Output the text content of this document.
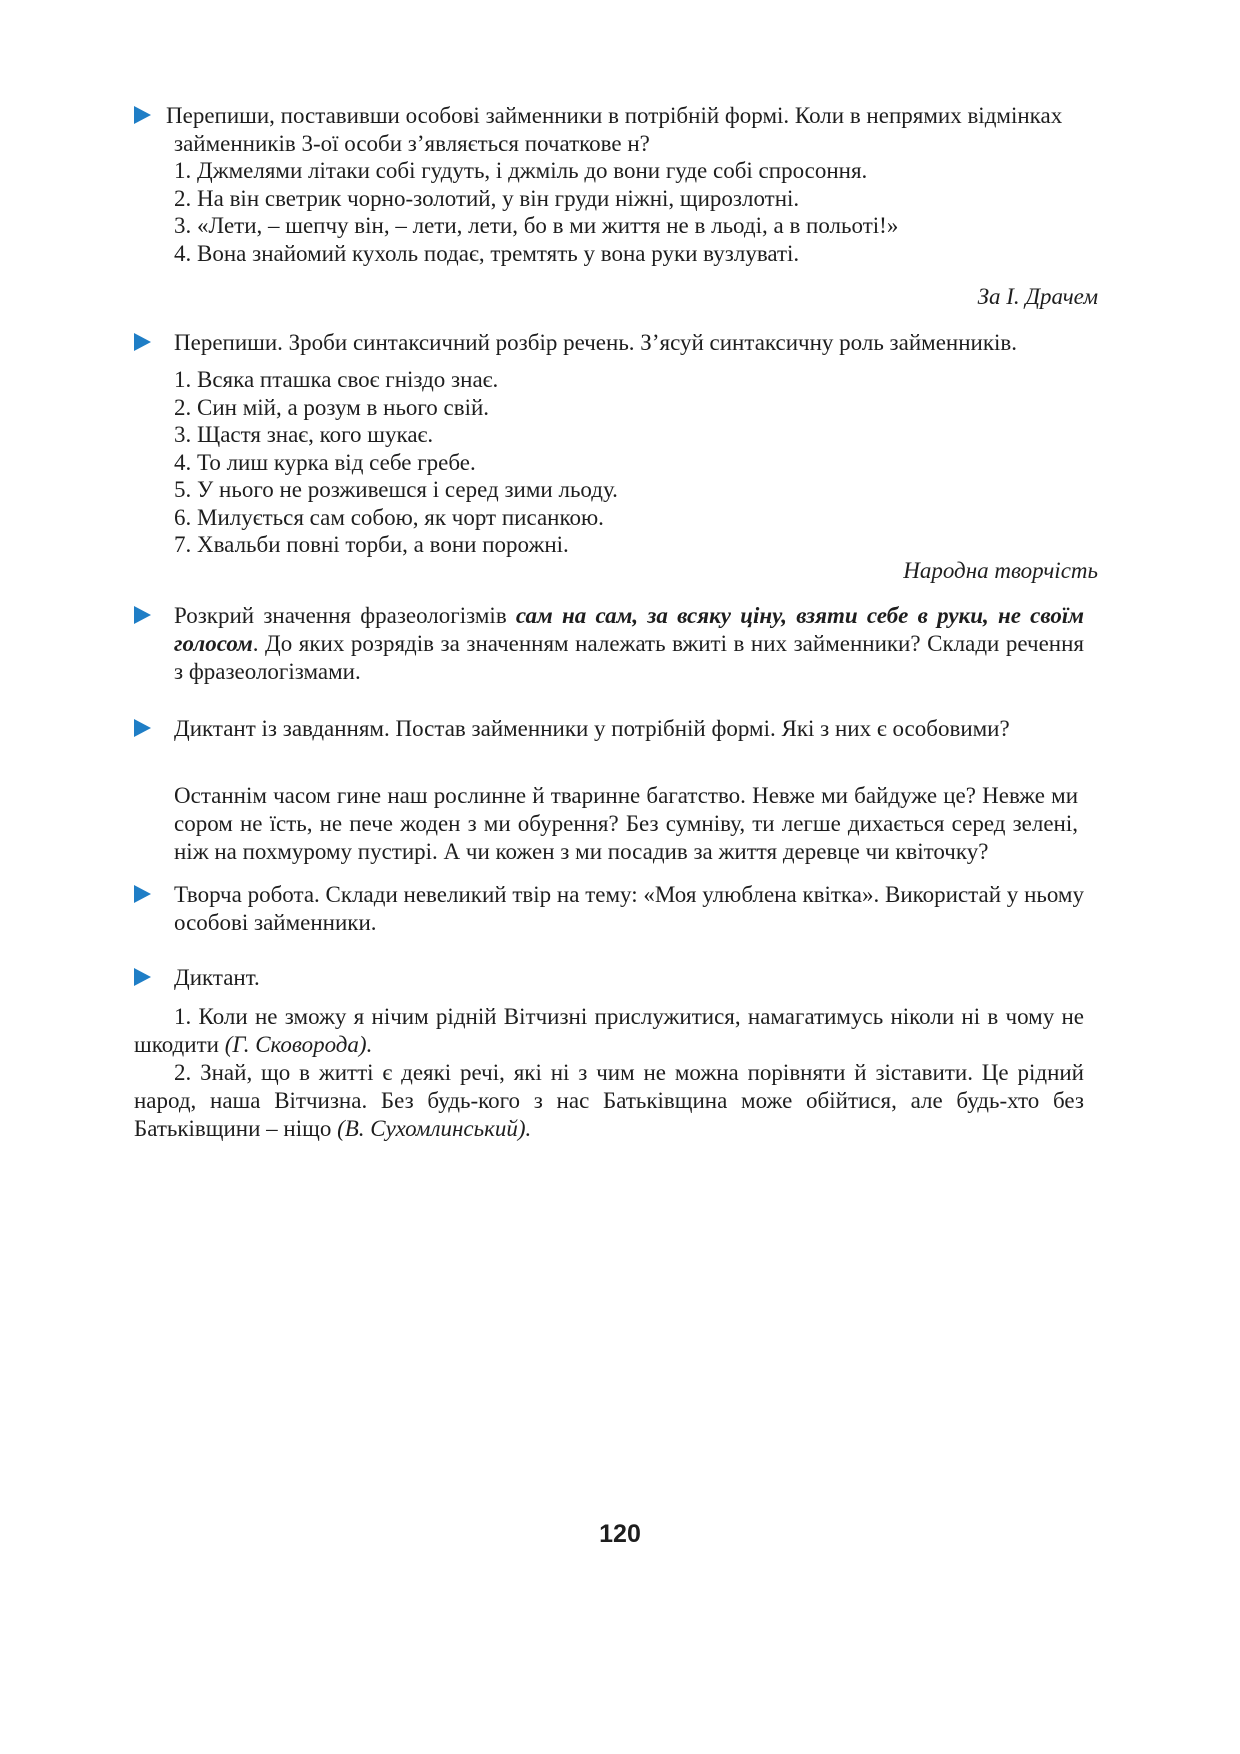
Перепиши, поставивши особові займенники в потрібній формі. Коли в непрямих відмінках
займенників 3-ої особи з’являється початкове н?
1. Джмелями літаки собі гудуть, і джміль до вони гуде собі спросоння.
2. На він светрик чорно-золотий, у він груди ніжні, щирозлотні.
3. «Лети, – шепчу він, – лети, лети, бо в ми життя не в льоді, а в польоті!»
4. Вона знайомий кухоль подає, тремтять у вона руки вузлуваті.
За І. Драчем
Перепиши. Зроби синтаксичний розбір речень. З’ясуй синтаксичну роль займенників.
1. Всяка пташка своє гніздо знає.
2. Син мій, а розум в нього свій.
3. Щастя знає, кого шукає.
4. То лиш курка від себе гребе.
5. У нього не розживешся і серед зими льоду.
6. Милується сам собою, як чорт писанкою.
7. Хвальби повні торби, а вони порожні.
Народна творчість
Розкрий значення фразеологізмів сам на сам, за всяку ціну, взяти себе в руки, не своїм голосом. До яких розрядів за значенням належать вжиті в них займенники? Склади речення з фразеологізмами.
Диктант із завданням. Постав займенники у потрібній формі. Які з них є особовими?
Останнім часом гине наш рослинне й тваринне багатство. Невже ми байдуже це? Невже ми сором не їсть, не пече жоден з ми обурення? Без сумніву, ти легше дихається серед зелені, ніж на похмурому пустирі. А чи кожен з ми посадив за життя деревце чи квіточку?
Творча робота. Склади невеликий твір на тему: «Моя улюблена квітка». Використай у ньому особові займенники.
Диктант.
1. Коли не зможу я нічим рідній Вітчизні прислужитися, намагатимусь ніколи ні в чому не шкодити (Г. Сковорода).
2. Знай, що в житті є деякі речі, які ні з чим не можна порівняти й зіставити. Це рідний народ, наша Вітчизна. Без будь-кого з нас Батьківщина може обійтися, але будь-хто без Батьківщини – ніщо (В. Сухомлинський).
120
